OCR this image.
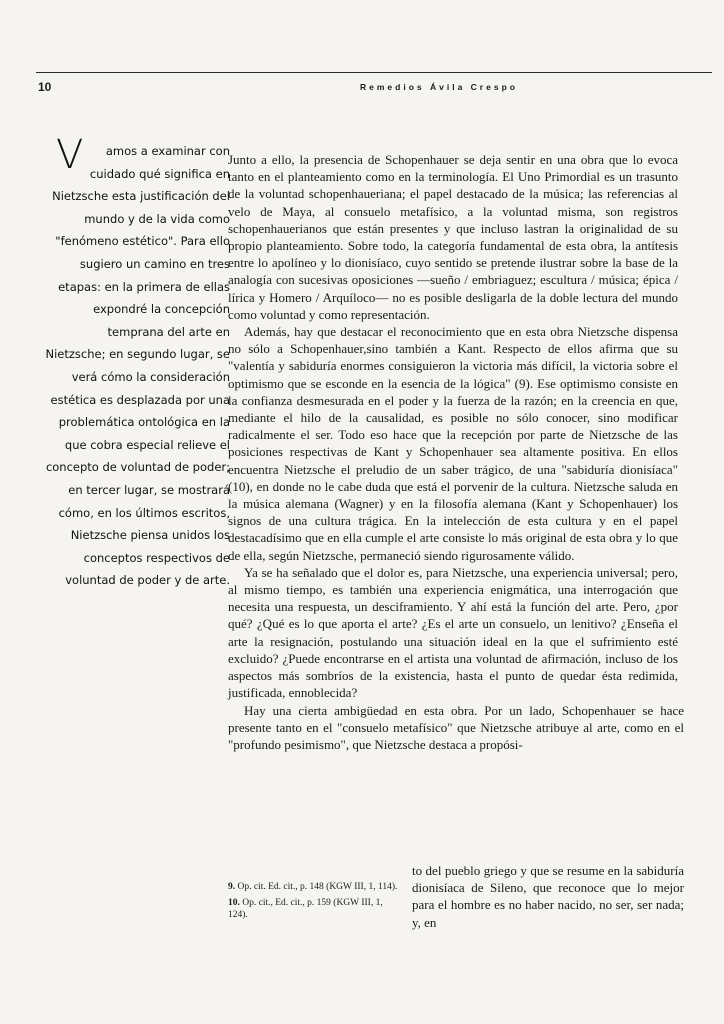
10	Remedios Ávila Crespo
V amos a examinar con cuidado qué significa en Nietzsche esta justificación del mundo y de la vida como "fenómeno estético". Para ello sugiero un camino en tres etapas: en la primera de ellas expondré la concepción temprana del arte en Nietzsche; en segundo lugar, se verá cómo la consideración estética es desplazada por una problemática ontológica en la que cobra especial relieve el concepto de voluntad de poder; en tercer lugar, se mostrará cómo, en los últimos escritos, Nietzsche piensa unidos los conceptos respectivos de voluntad de poder y de arte.

Junto a ello, la presencia de Schopenhauer se deja sentir en una obra que lo evoca tanto en el planteamiento como en la terminología. El Uno Primordial es un trasunto de la voluntad schopenhaueriana; el papel destacado de la música; las referencias al velo de Maya, al consuelo metafísico, a la voluntad misma, son registros schopenhauerianos que están presentes y que incluso lastran la originalidad de su propio planteamiento. Sobre todo, la categoría fundamental de esta obra, la antítesis entre lo apolíneo y lo dionisíaco, cuyo sentido se pretende ilustrar sobre la base de la analogía con sucesivas oposiciones —sueño / embriaguez; escultura / música; épica / lírica y Homero / Arquíloco— no es posible desligarla de la doble lectura del mundo como voluntad y como representación.

Además, hay que destacar el reconocimiento que en esta obra Nietzsche dispensa no sólo a Schopenhauer,sino también a Kant. Respecto de ellos afirma que su "valentía y sabiduría enormes consiguieron la victoria más difícil, la victoria sobre el optimismo que se esconde en la esencia de la lógica" (9). Ese optimismo consiste en la confianza desmesurada en el poder y la fuerza de la razón; en la creencia en que, mediante el hilo de la causalidad, es posible no sólo conocer, sino modificar radicalmente el ser. Todo eso hace que la recepción por parte de Nietzsche de las posiciones respectivas de Kant y Schopenhauer sea altamente positiva. En ellos encuentra Nietzsche el preludio de un saber trágico, de una "sabiduría dionisíaca" (10), en donde no le cabe duda que está el porvenir de la cultura. Nietzsche saluda en la música alemana (Wagner) y en la filosofía alemana (Kant y Schopenhauer) los signos de una cultura trágica. En la intelección de esta cultura y en el papel destacadísimo que en ella cumple el arte consiste lo más original de esta obra y lo que de ella, según Nietzsche, permaneció siendo rigurosamente válido.

Ya se ha señalado que el dolor es, para Nietzsche, una experiencia universal; pero, al mismo tiempo, es también una experiencia enigmática, una interrogación que necesita una respuesta, un desciframiento. Y ahí está la función del arte. Pero, ¿por qué? ¿Qué es lo que aporta el arte? ¿Es el arte un consuelo, un lenitivo? ¿Enseña el arte la resignación, postulando una situación ideal en la que el sufrimiento esté excluido? ¿Puede encontrarse en el artista una voluntad de afirmación, incluso de los aspectos más sombríos de la existencia, hasta el punto de quedar ésta redimida, justificada, ennoblecida?

Hay una cierta ambigüedad en esta obra. Por un lado, Schopenhauer se hace presente tanto en el "consuelo metafísico" que Nietzsche atribuye al arte, como en el "profundo pesimismo", que Nietzsche destaca a propósi-

9. Op. cit. Ed. cit., p. 148 (KGW III, 1, 114).
10. Op. cit., Ed. cit., p. 159 (KGW III, 1, 124).
to del pueblo griego y que se resume en la sabiduría dionisíaca de Sileno, que reconoce que lo mejor para el hombre es no haber nacido, no ser, ser nada; y, en
